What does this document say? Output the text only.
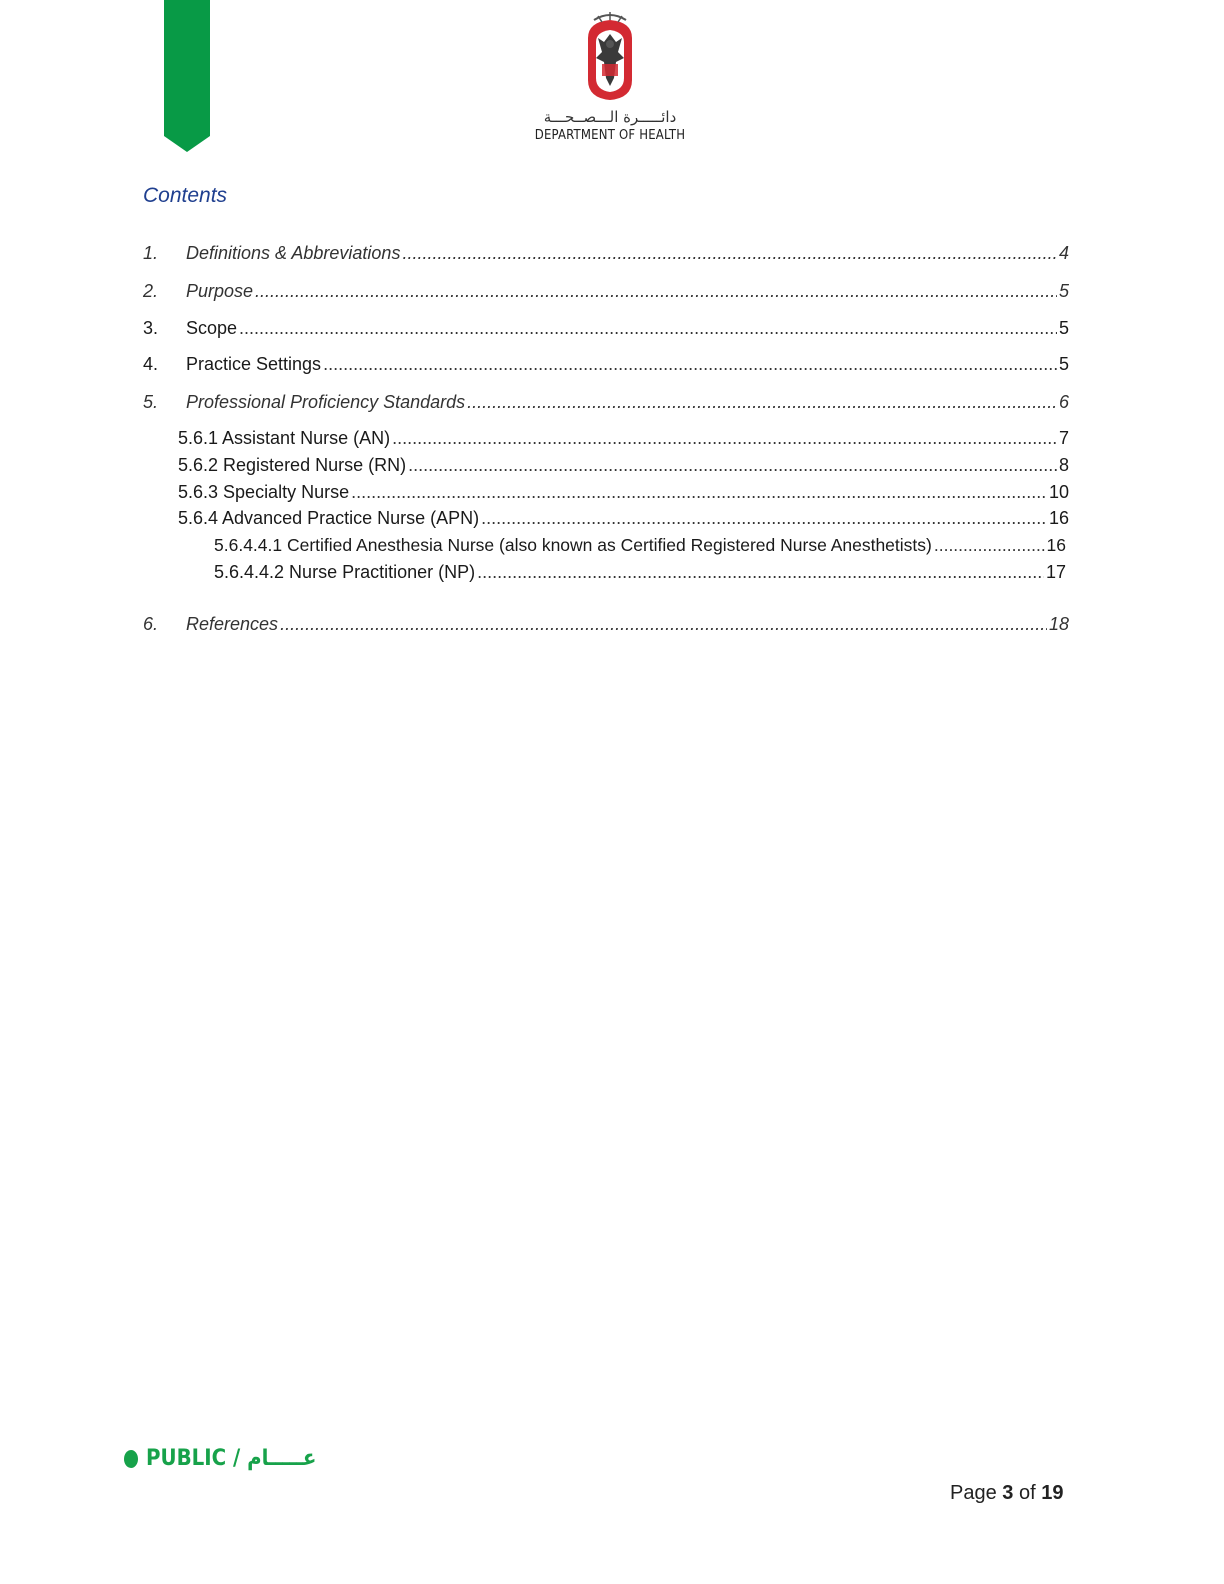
دائـــــرة الـــصــحـــة
DEPARTMENT OF HEALTH
Contents
1.	Definitions & Abbreviations .....	4
2.	Purpose .....	5
3.	Scope .....	5
4.	Practice Settings .....	5
5.	Professional Proficiency Standards .....	6
5.6.1 Assistant Nurse (AN) .....	7
5.6.2 Registered Nurse (RN) .....	8
5.6.3 Specialty Nurse .....	10
5.6.4 Advanced Practice Nurse (APN) .....	16
5.6.4.4.1 Certified Anesthesia Nurse (also known as Certified Registered Nurse Anesthetists) .....	16
5.6.4.4.2 Nurse Practitioner (NP) .....	17
6.	References .....	18
PUBLIC / عـــــام
Page 3 of 19
